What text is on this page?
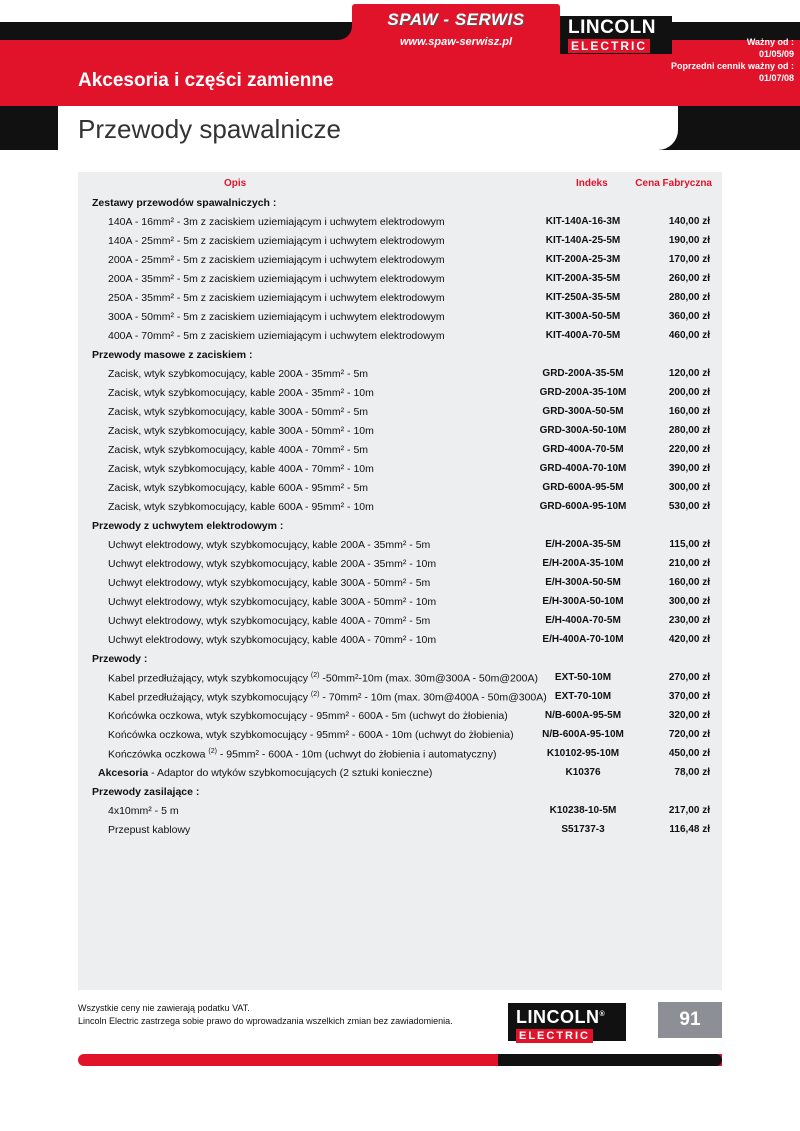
SPAW - SERWIS
www.spaw-serwisz.pl
LINCOLN
ELECTRIC	Ważny od :
01/05/09
Poprzedni cennik ważny od :
01/07/08
Akcesoria i części zamienne
Przewody spawalnicze
Opis	Indeks	Cena Fabryczna
Zestawy przewodów spawalniczych :
140A - 16mm² - 3m z zaciskiem uziemiającym i uchwytem elektrodowym	KIT-140A-16-3M	140,00 zł
140A - 25mm² - 5m z zaciskiem uziemiającym i uchwytem elektrodowym	KIT-140A-25-5M	190,00 zł
200A - 25mm² - 5m z zaciskiem uziemiającym i uchwytem elektrodowym	KIT-200A-25-3M	170,00 zł
200A - 35mm² - 5m z zaciskiem uziemiającym i uchwytem elektrodowym	KIT-200A-35-5M	260,00 zł
250A - 35mm² - 5m z zaciskiem uziemiającym i uchwytem elektrodowym	KIT-250A-35-5M	280,00 zł
300A - 50mm² - 5m z zaciskiem uziemiającym i uchwytem elektrodowym	KIT-300A-50-5M	360,00 zł
400A - 70mm² - 5m z zaciskiem uziemiającym i uchwytem elektrodowym	KIT-400A-70-5M	460,00 zł
Przewody masowe z zaciskiem :
Zacisk, wtyk szybkomocujący, kable 200A - 35mm² - 5m	GRD-200A-35-5M	120,00 zł
Zacisk, wtyk szybkomocujący, kable 200A - 35mm² - 10m	GRD-200A-35-10M	200,00 zł
Zacisk, wtyk szybkomocujący, kable 300A - 50mm² - 5m	GRD-300A-50-5M	160,00 zł
Zacisk, wtyk szybkomocujący, kable 300A - 50mm² - 10m	GRD-300A-50-10M	280,00 zł
Zacisk, wtyk szybkomocujący, kable 400A - 70mm² - 5m	GRD-400A-70-5M	220,00 zł
Zacisk, wtyk szybkomocujący, kable 400A - 70mm² - 10m	GRD-400A-70-10M	390,00 zł
Zacisk, wtyk szybkomocujący, kable 600A - 95mm² - 5m	GRD-600A-95-5M	300,00 zł
Zacisk, wtyk szybkomocujący, kable 600A - 95mm² - 10m	GRD-600A-95-10M	530,00 zł
Przewody z uchwytem elektrodowym :
Uchwyt elektrodowy, wtyk szybkomocujący, kable 200A - 35mm² - 5m	E/H-200A-35-5M	115,00 zł
Uchwyt elektrodowy, wtyk szybkomocujący, kable 200A - 35mm² - 10m	E/H-200A-35-10M	210,00 zł
Uchwyt elektrodowy, wtyk szybkomocujący, kable 300A - 50mm² - 5m	E/H-300A-50-5M	160,00 zł
Uchwyt elektrodowy, wtyk szybkomocujący, kable 300A - 50mm² - 10m	E/H-300A-50-10M	300,00 zł
Uchwyt elektrodowy, wtyk szybkomocujący, kable 400A - 70mm² - 5m	E/H-400A-70-5M	230,00 zł
Uchwyt elektrodowy, wtyk szybkomocujący, kable 400A - 70mm² - 10m	E/H-400A-70-10M	420,00 zł
Przewody :
Kabel przedłużający, wtyk szybkomocujący $^{(2)}$ -50mm²-10m (max. 30m@300A - 50m@200A)	EXT-50-10M	270,00 zł
Kabel przedłużający, wtyk szybkomocujący $^{(2)}$ - 70mm² - 10m (max. 30m@400A - 50m@300A) EXT-70-10M	370,00 zł
Końcówka oczkowa, wtyk szybkomocujący - 95mm² - 600A - 5m (uchwyt do żłobienia)	N/B-600A-95-5M	320,00 zł
Końcówka oczkowa, wtyk szybkomocujący - 95mm² - 600A - 10m (uchwyt do żłobienia)	N/B-600A-95-10M	720,00 zł
Kończówka oczkowa $^{(2)}$ - 95mm² - 600A - 10m (uchwyt do żłobienia i automatyczny)	K10102-95-10M	450,00 zł
Akcesoria - Adaptor do wtyków szybkomocujących (2 sztuki konieczne)	K10376	78,00 zł
Przewody zasilające :
4x10mm² - 5 m	K10238-10-5M	217,00 zł
Przepust kablowy	S51737-3	116,48 zł
Wszystkie ceny nie zawierają podatku VAT.
Lincoln Electric zastrzega sobie prawo do wprowadzania wszelkich zmian bez zawiadomienia.	LINCOLN®
ELECTRIC
91
